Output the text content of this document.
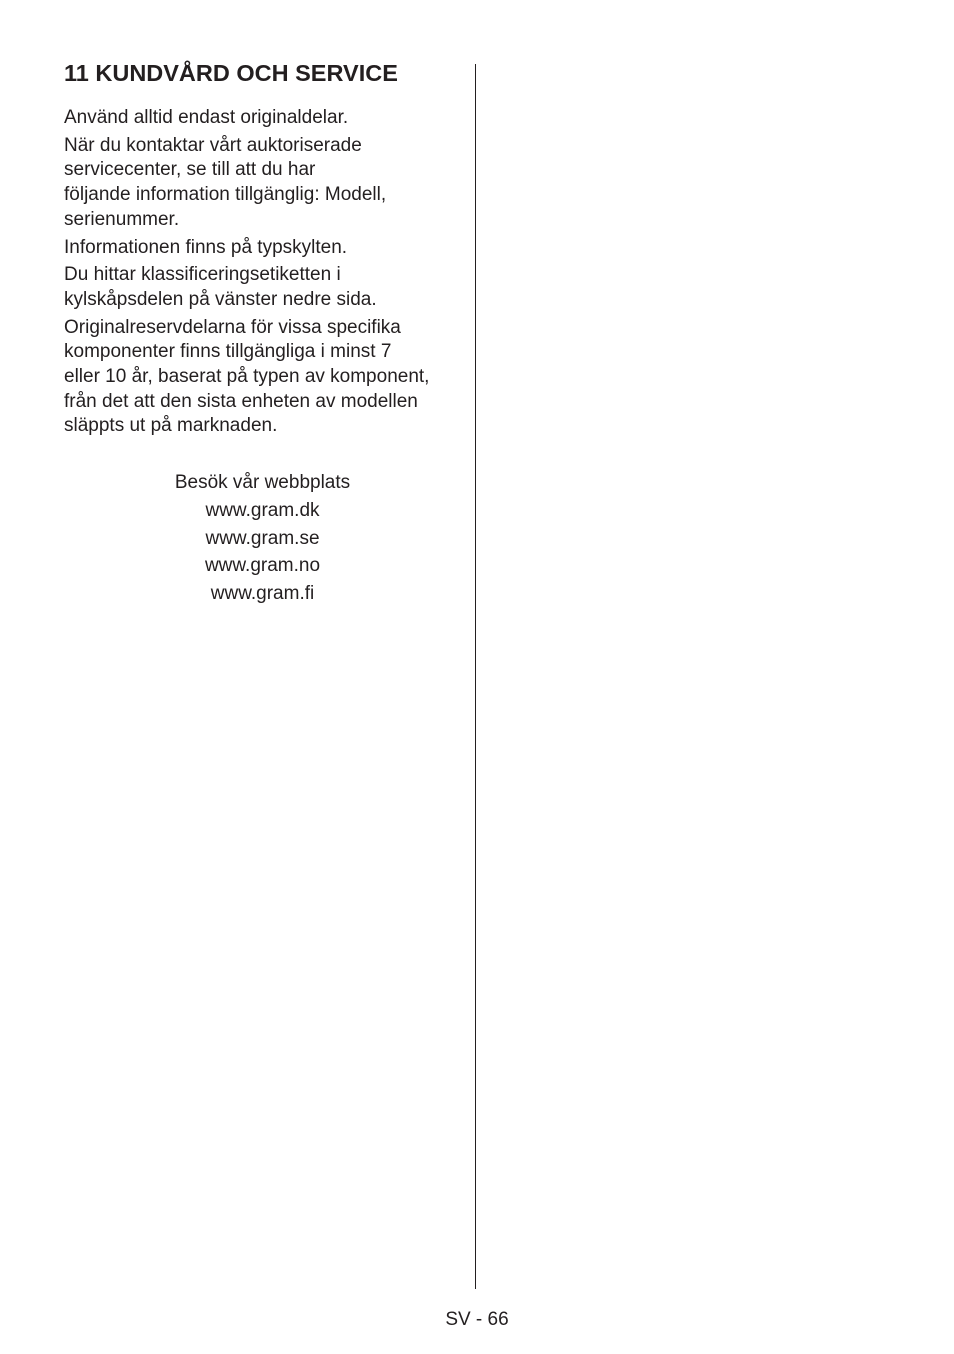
11 KUNDVÅRD OCH SERVICE

Använd alltid endast originaldelar.

När du kontaktar vårt auktoriserade
servicecenter, se till att du har
följande information tillgänglig: Modell,
serienummer.

Informationen finns på typskylten.

Du hittar klassificeringsetiketten i
kylskåpsdelen på vänster nedre sida.

Originalreservdelarna för vissa specifika
komponenter finns tillgängliga i minst 7
eller 10 år, baserat på typen av komponent,
från det att den sista enheten av modellen
släppts ut på marknaden.

Besök vår webbplats
www.gram.dk
www.gram.se
www.gram.no
www.gram.fi
SV - 66
